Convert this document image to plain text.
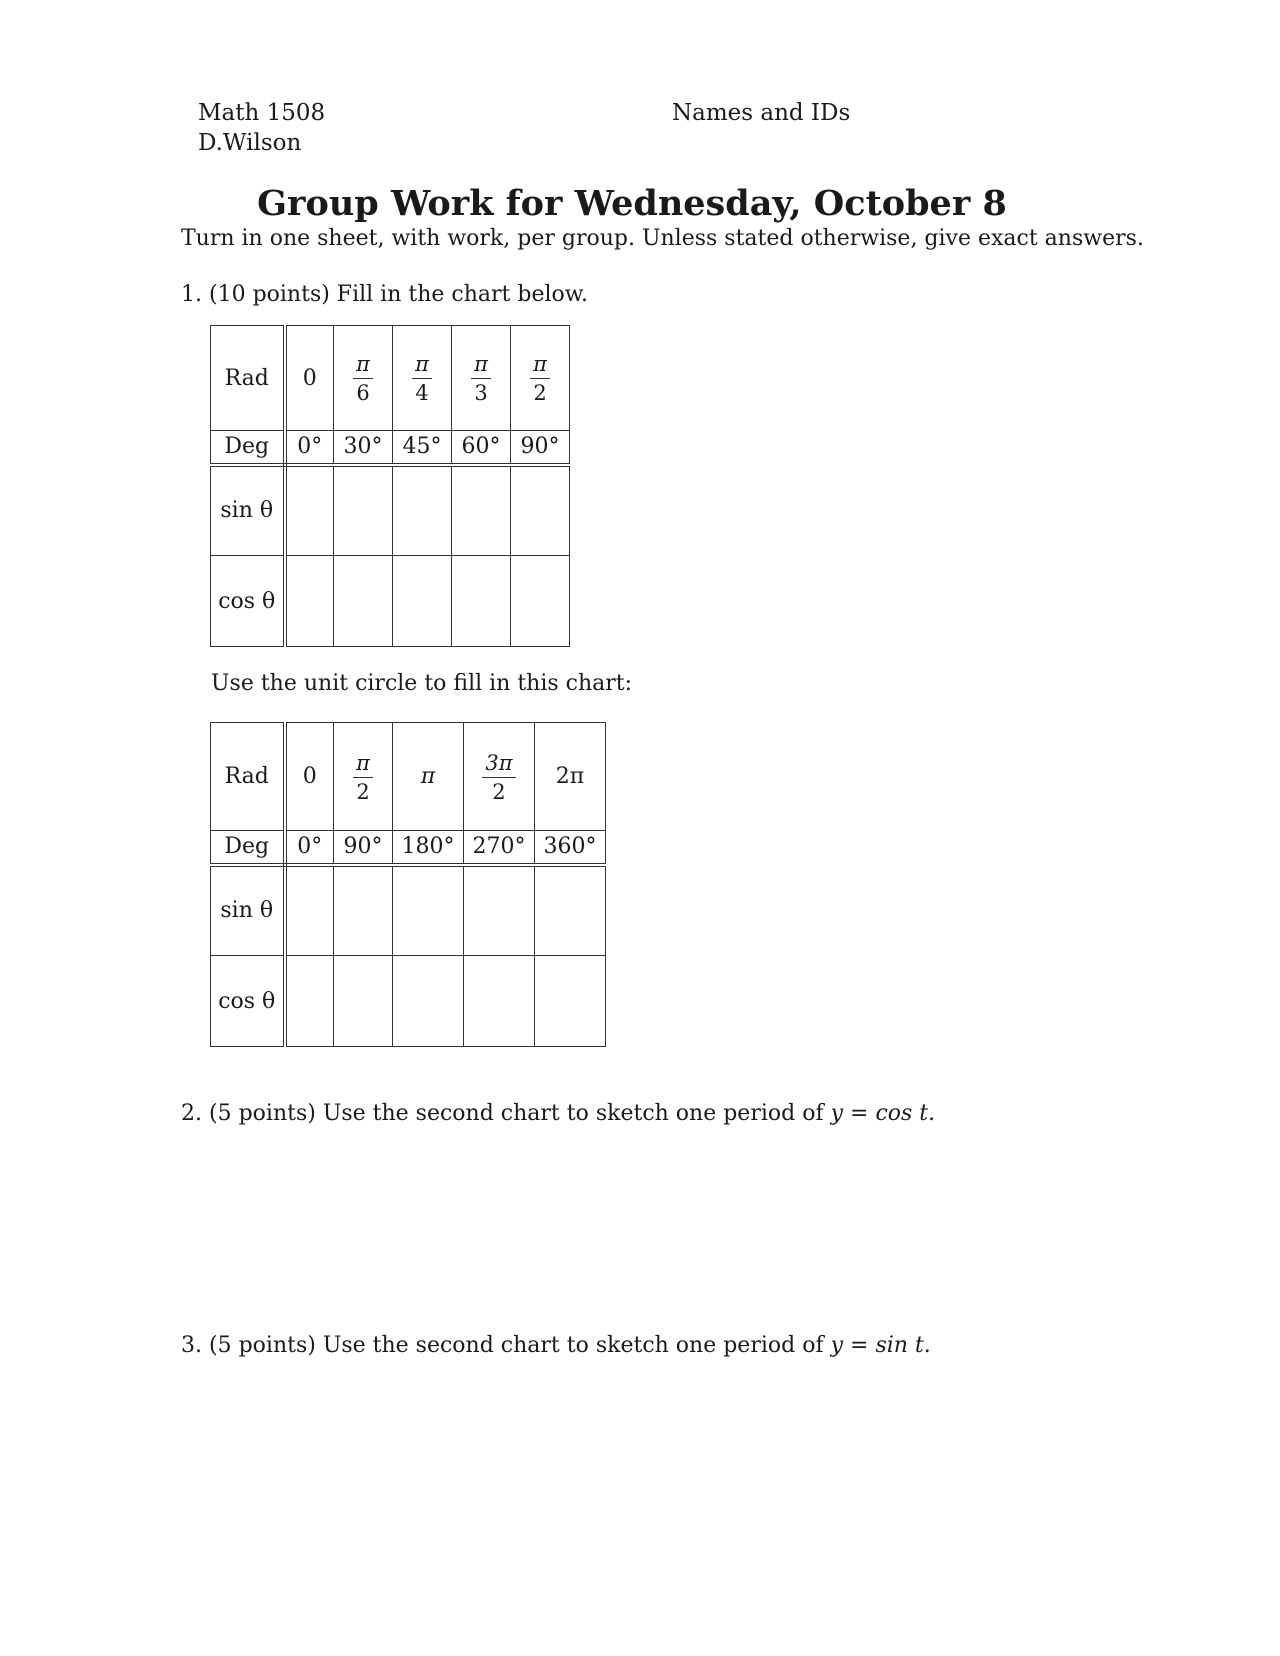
Math 1508
D.Wilson
Names and IDs
Group Work for Wednesday, October 8
Turn in one sheet, with work, per group. Unless stated otherwise, give exact answers.
1. (10 points) Fill in the chart below.
Rad	0	$\frac{\pi}{6}$	$\frac{\pi}{4}$	$\frac{\pi}{3}$	$\frac{\pi}{2}$

Deg	0°	30°	45°	60°	90°
sin θ					
cos θ					
Use the unit circle to fill in this chart:
Rad	0	$\frac{\pi}{2}$	π	$\frac{3\pi}{2}$	2π
Deg	0°	90°	180°	270°	360°
sin θ					
cos θ					
2. (5 points) Use the second chart to sketch one period of y = cos t.
3. (5 points) Use the second chart to sketch one period of y = sin t.
